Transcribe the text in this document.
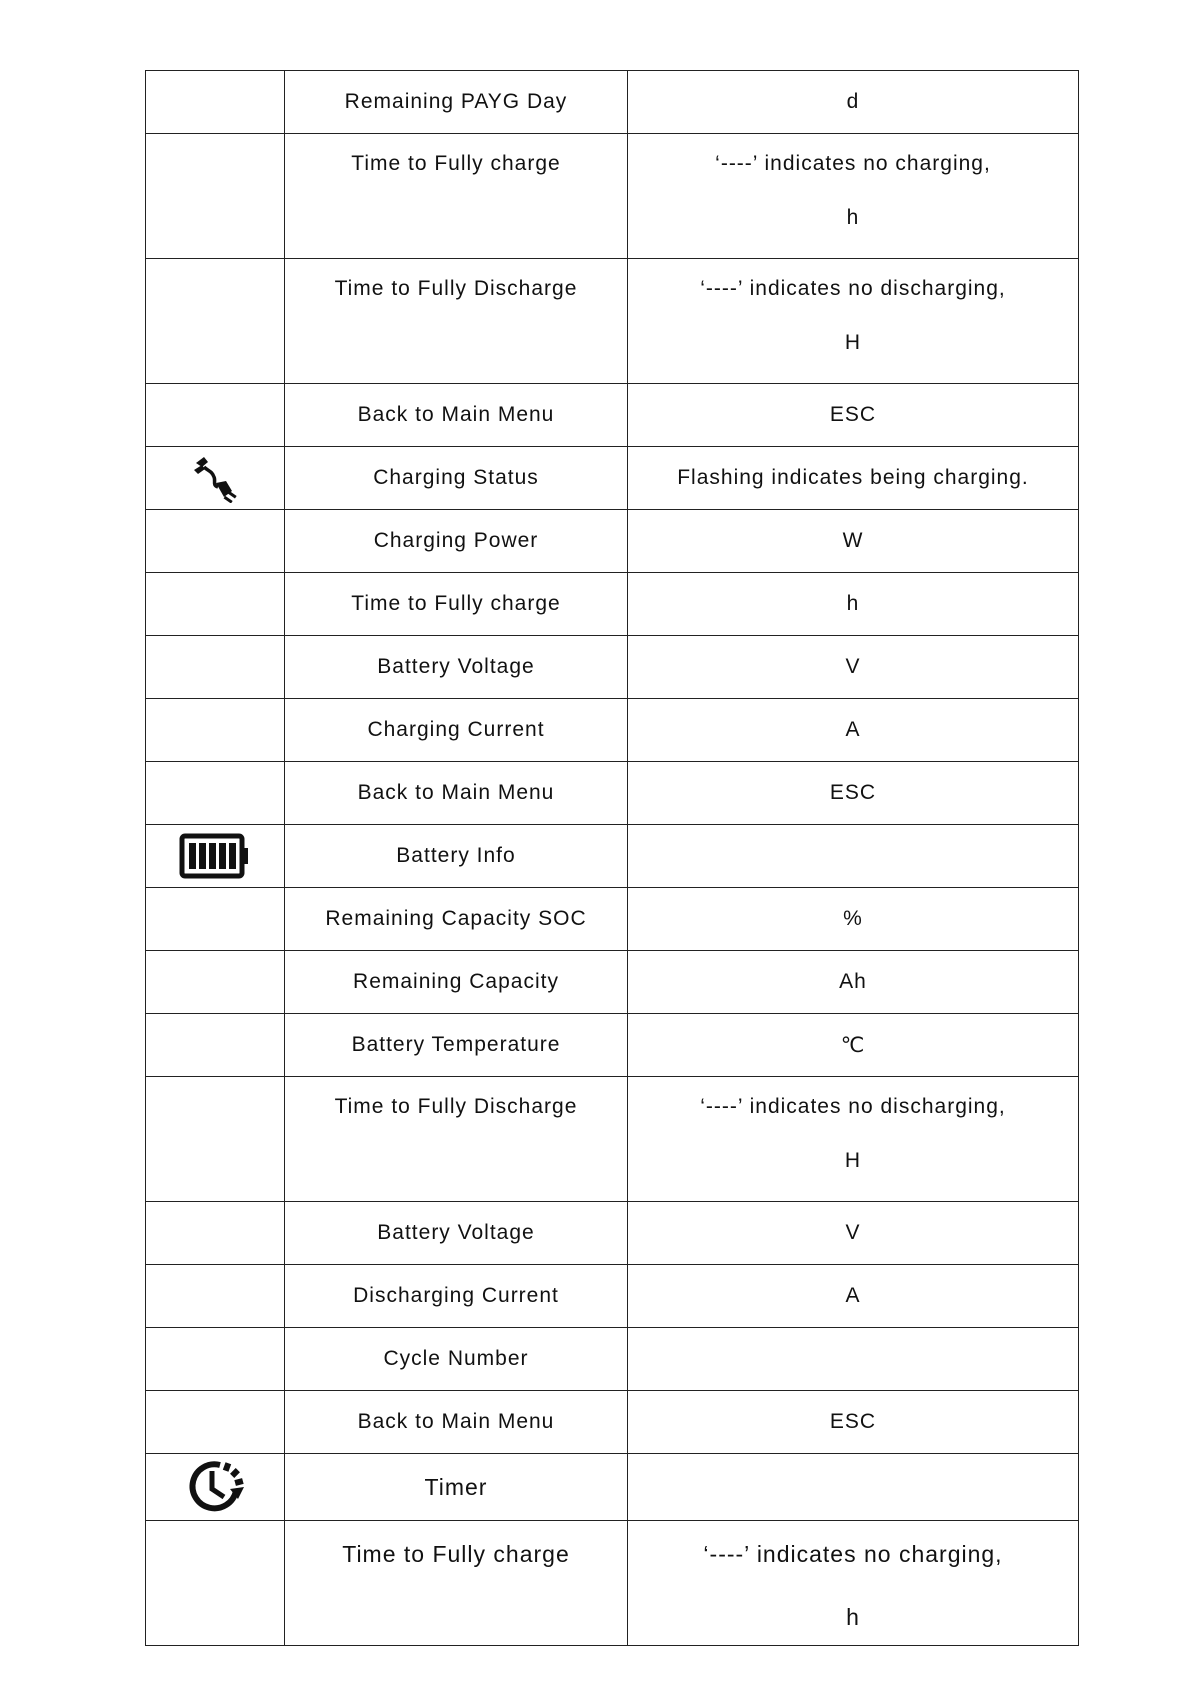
	Remaining PAYG Day	d

	Time to Fully charge	‘----’ indicates no charging,
h

	Time to Fully Discharge	‘----’ indicates no discharging,
H

	Back to Main Menu	ESC

	Charging Status	Flashing indicates being charging.
	Charging Power	W
	Time to Fully charge	h
	Battery Voltage	V
	Charging Current	A
	Back to Main Menu	ESC

	Battery Info	
	Remaining Capacity SOC	%
	Remaining Capacity	Ah
	Battery Temperature	℃

	Time to Fully Discharge	‘----’ indicates no discharging,
H

	Battery Voltage	V
	Discharging Current	A
	Cycle Number	
	Back to Main Menu	ESC

	Timer	

	Time to Fully charge	‘----’ indicates no charging,
h
